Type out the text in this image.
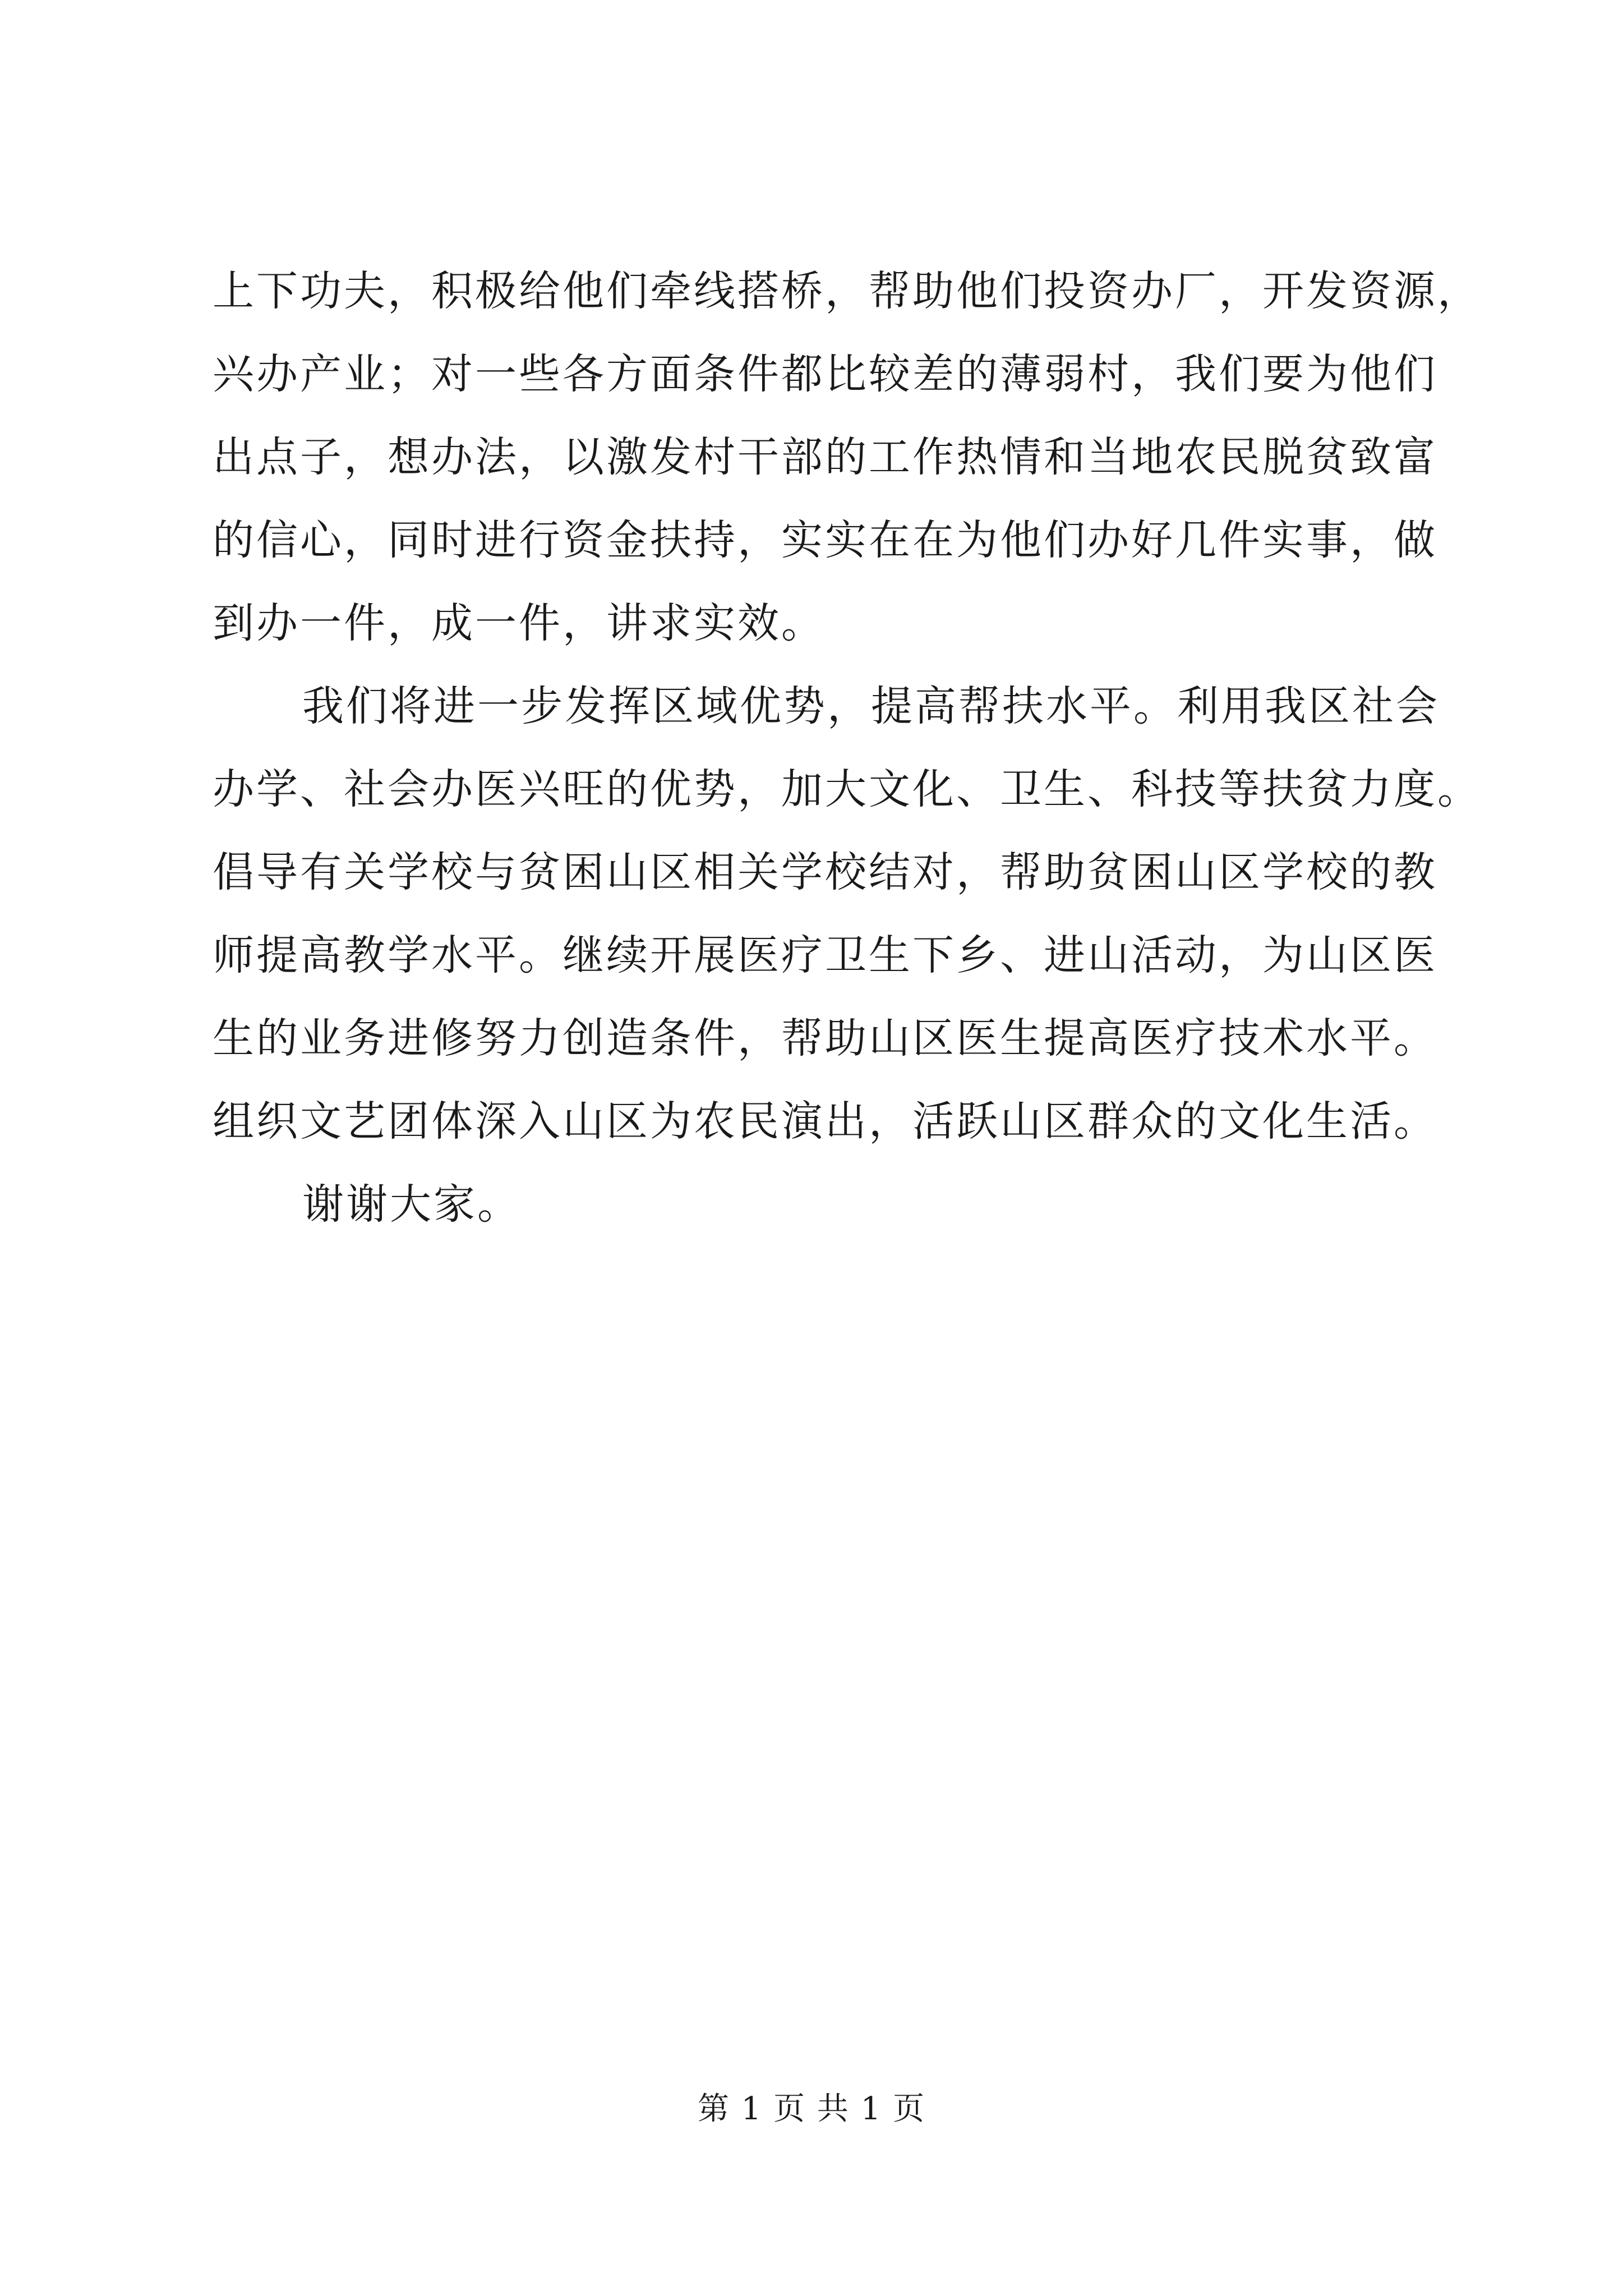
上下功夫，积极给他们牵线搭桥，帮助他们投资办厂，开发资源，
兴办产业；对一些各方面条件都比较差的薄弱村，我们要为他们
出点子，想办法，以激发村干部的工作热情和当地农民脱贫致富
的信心，同时进行资金扶持，实实在在为他们办好几件实事，做
到办一件，成一件，讲求实效。
我们将进一步发挥区域优势，提高帮扶水平。利用我区社会
办学、社会办医兴旺的优势，加大文化、卫生、科技等扶贫力度。
倡导有关学校与贫困山区相关学校结对，帮助贫困山区学校的教
师提高教学水平。继续开展医疗卫生下乡、进山活动，为山区医
生的业务进修努力创造条件，帮助山区医生提高医疗技术水平。
组织文艺团体深入山区为农民演出，活跃山区群众的文化生活。
谢谢大家。
第 1 页 共 1 页
